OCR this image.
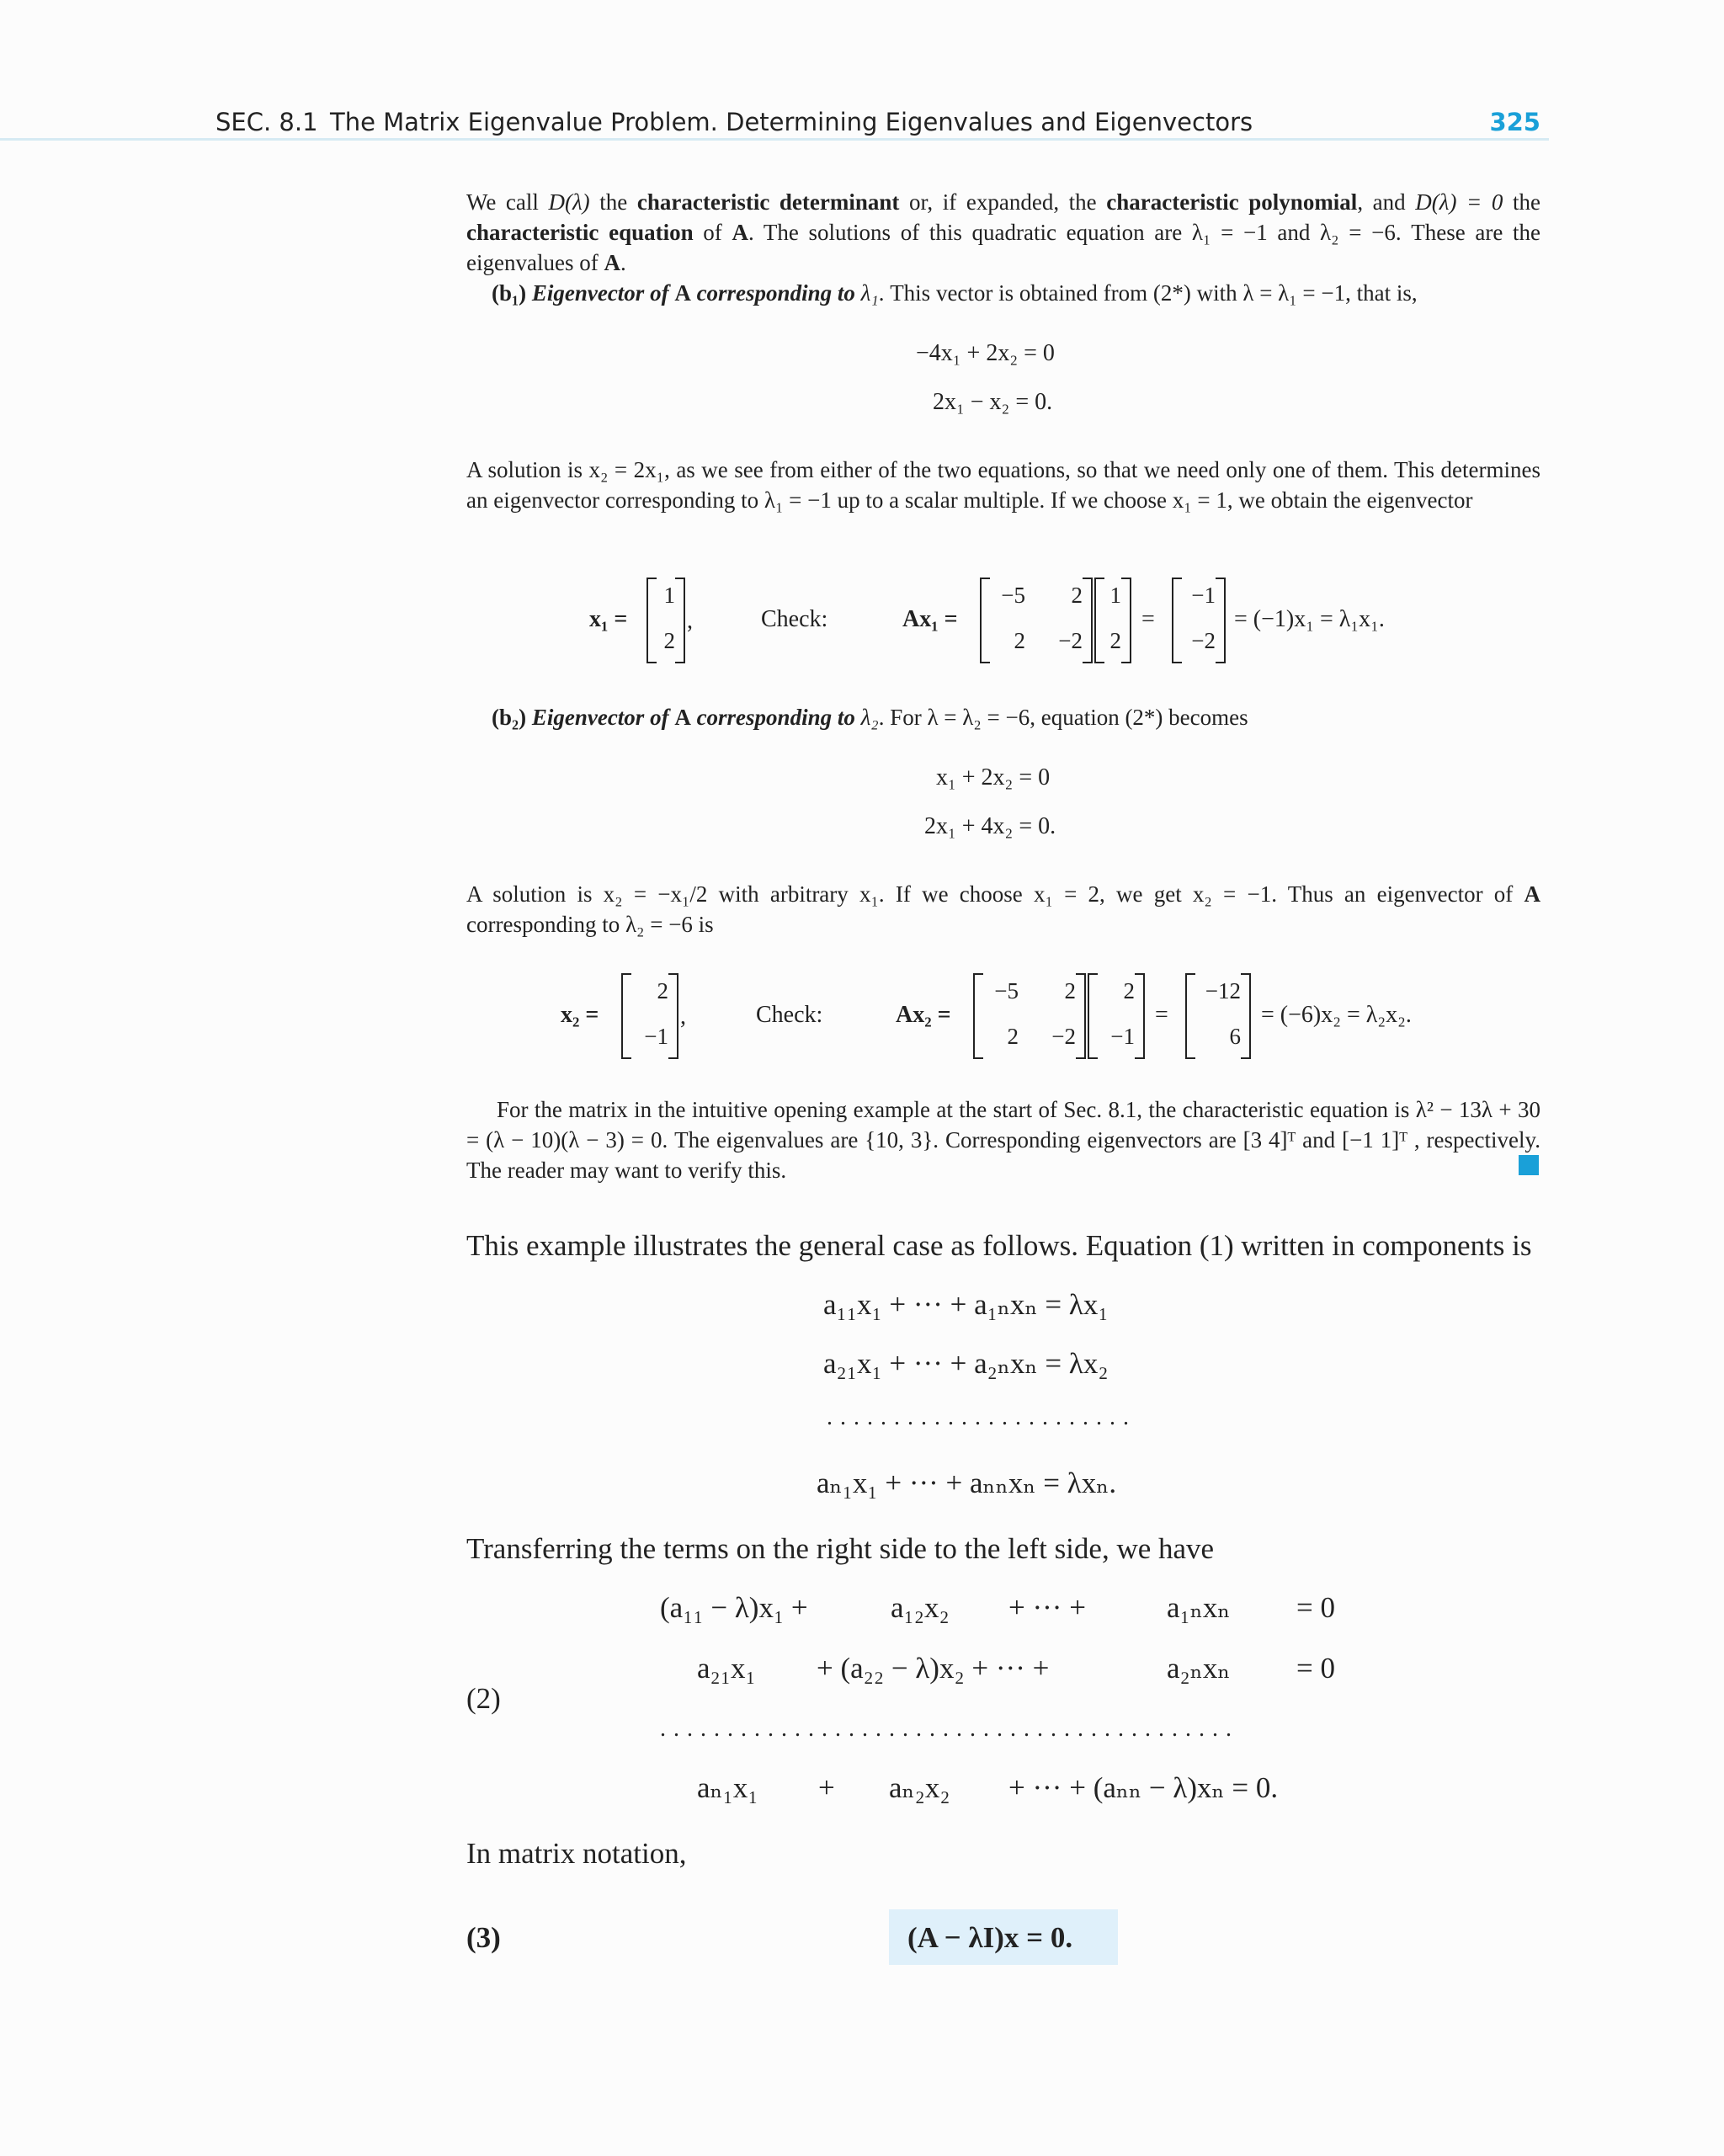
SEC. 8.1 The Matrix Eigenvalue Problem. Determining Eigenvalues and Eigenvectors	325
We call D(λ) the characteristic determinant or, if expanded, the characteristic polynomial, and D(λ) = 0 the characteristic equation of A. The solutions of this quadratic equation are λ₁ = −1 and λ₂ = −6. These are the eigenvalues of A.
(b₁) Eigenvector of A corresponding to λ₁. This vector is obtained from (2*) with λ = λ₁ = −1, that is,
−4x₁ + 2x₂ = 0
2x₁ − x₂ = 0.
A solution is x₂ = 2x₁, as we see from either of the two equations, so that we need only one of them. This determines an eigenvector corresponding to λ₁ = −1 up to a scalar multiple. If we choose x₁ = 1, we obtain the eigenvector
x₁ =
1
2
,	Check:	Ax₁ =
−5 2
2 −2
1
2
=
−1
−2
= (−1)x₁ = λ₁x₁.
(b₂) Eigenvector of A corresponding to λ₂. For λ = λ₂ = −6, equation (2*) becomes
x₁ + 2x₂ = 0
2x₁ + 4x₂ = 0.
A solution is x₂ = −x₁/2 with arbitrary x₁. If we choose x₁ = 2, we get x₂ = −1. Thus an eigenvector of A corresponding to λ₂ = −6 is
x₂ =
2
−1
,	Check:	Ax₂ =
−5 2
2 −2
2
−1
=
−12
6
= (−6)x₂ = λ₂x₂.
For the matrix in the intuitive opening example at the start of Sec. 8.1, the characteristic equation is λ² − 13λ + 30 = (λ − 10)(λ − 3) = 0. The eigenvalues are {10, 3}. Corresponding eigenvectors are [3 4]ᵀ and [−1 1]ᵀ , respectively. The reader may want to verify this.
This example illustrates the general case as follows. Equation (1) written in components is
a₁₁x₁ + ··· + a₁ₙxₙ = λx₁
a₂₁x₁ + ··· + a₂ₙxₙ = λx₂
.......................
aₙ₁x₁ + ··· + aₙₙxₙ = λxₙ.
Transferring the terms on the right side to the left side, we have
(2)
(a₁₁ − λ)x₁ +	a₁₂x₂ + ··· +	a₁ₙxₙ = 0
a₂₁x₁ + (a₂₂ − λ)x₂ + ··· +	a₂ₙxₙ = 0
...........................................
aₙ₁x₁ + aₙ₂x₂ + ··· + (aₙₙ − λ)xₙ = 0.
In matrix notation,
(3)	(A − λI)x = 0.
